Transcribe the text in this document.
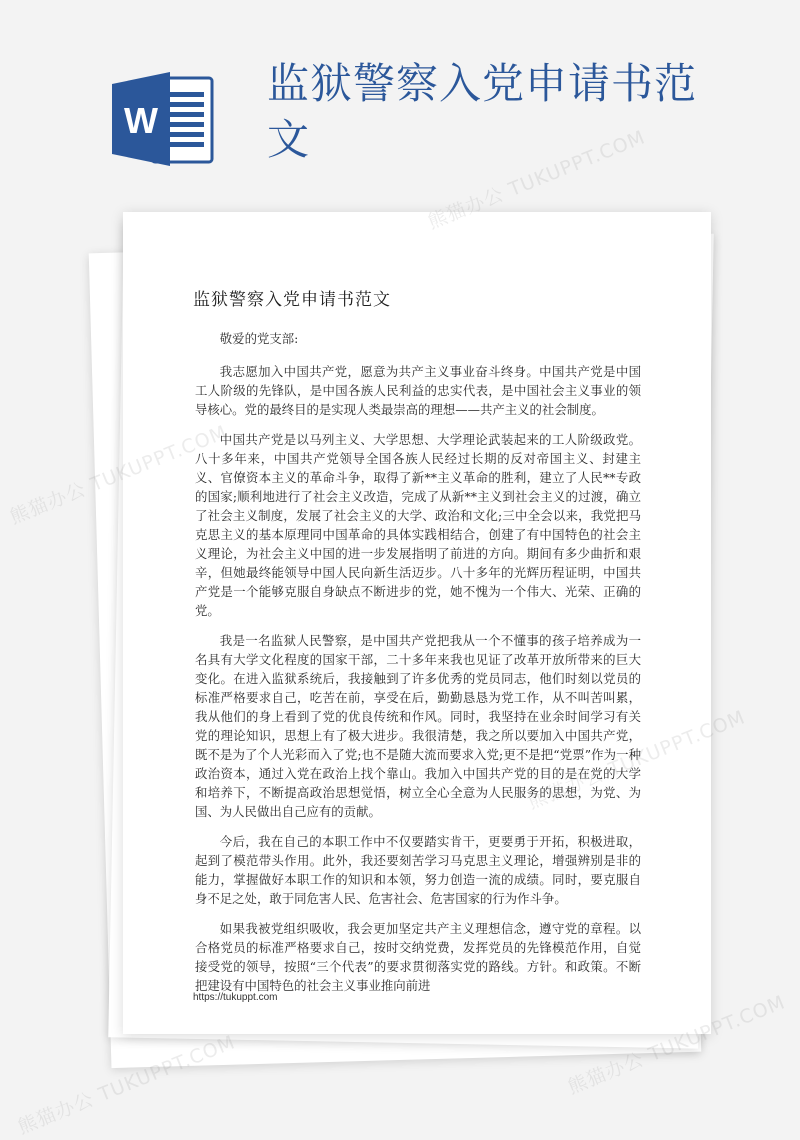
W
监狱警察入党申请书范文
监狱警察入党申请书范文

敬爱的党支部:

我志愿加入中国共产党，愿意为共产主义事业奋斗终身。中国共产党是中国工人阶级的先锋队，是中国各族人民利益的忠实代表，是中国社会主义事业的领导核心。党的最终目的是实现人类最崇高的理想——共产主义的社会制度。

中国共产党是以马列主义、大学思想、大学理论武装起来的工人阶级政党。八十多年来，中国共产党领导全国各族人民经过长期的反对帝国主义、封建主义、官僚资本主义的革命斗争，取得了新**主义革命的胜利，建立了人民**专政的国家;顺利地进行了社会主义改造，完成了从新**主义到社会主义的过渡，确立了社会主义制度，发展了社会主义的大学、政治和文化;三中全会以来，我党把马克思主义的基本原理同中国革命的具体实践相结合，创建了有中国特色的社会主义理论，为社会主义中国的进一步发展指明了前进的方向。期间有多少曲折和艰辛，但她最终能领导中国人民向新生活迈步。八十多年的光辉历程证明，中国共产党是一个能够克服自身缺点不断进步的党，她不愧为一个伟大、光荣、正确的党。

我是一名监狱人民警察，是中国共产党把我从一个不懂事的孩子培养成为一名具有大学文化程度的国家干部，二十多年来我也见证了改革开放所带来的巨大变化。在进入监狱系统后，我接触到了许多优秀的党员同志，他们时刻以党员的标准严格要求自己，吃苦在前，享受在后，勤勤恳恳为党工作，从不叫苦叫累，我从他们的身上看到了党的优良传统和作风。同时，我坚持在业余时间学习有关党的理论知识，思想上有了极大进步。我很清楚，我之所以要加入中国共产党，既不是为了个人光彩而入了党;也不是随大流而要求入党;更不是把“党票”作为一种政治资本，通过入党在政治上找个靠山。我加入中国共产党的目的是在党的大学和培养下，不断提高政治思想觉悟，树立全心全意为人民服务的思想，为党、为国、为人民做出自己应有的贡献。

今后，我在自己的本职工作中不仅要踏实肯干，更要勇于开拓，积极进取，起到了模范带头作用。此外，我还要刻苦学习马克思主义理论，增强辨别是非的能力，掌握做好本职工作的知识和本领，努力创造一流的成绩。同时，要克服自身不足之处，敢于同危害人民、危害社会、危害国家的行为作斗争。

如果我被党组织吸收，我会更加坚定共产主义理想信念，遵守党的章程。以合格党员的标准严格要求自己，按时交纳党费，发挥党员的先锋模范作用，自觉接受党的领导，按照“三个代表”的要求贯彻落实党的路线。方针。和政策。不断把建设有中国特色的社会主义事业推向前进

https://tukuppt.com
熊猫办公 TUKUPPT.COM
熊猫办公
熊猫办公 TUKUPPT.COM
熊猫办公 TUKUPPT.COM
